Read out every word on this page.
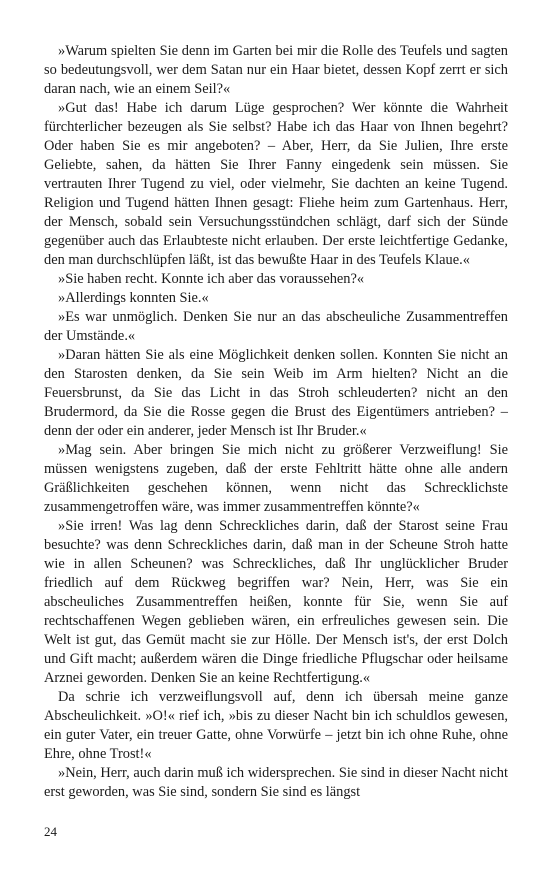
»Warum spielten Sie denn im Garten bei mir die Rolle des Teufels und sagten so bedeutungsvoll, wer dem Satan nur ein Haar bietet, dessen Kopf zerrt er sich daran nach, wie an einem Seil?«

»Gut das! Habe ich darum Lüge gesprochen? Wer könnte die Wahrheit fürchterlicher bezeugen als Sie selbst? Habe ich das Haar von Ihnen begehrt? Oder haben Sie es mir angeboten? – Aber, Herr, da Sie Julien, Ihre erste Geliebte, sahen, da hätten Sie Ihrer Fanny eingedenk sein müssen. Sie vertrauten Ihrer Tugend zu viel, oder vielmehr, Sie dachten an keine Tugend. Religion und Tugend hätten Ihnen gesagt: Fliehe heim zum Gartenhaus. Herr, der Mensch, sobald sein Versuchungsstündchen schlägt, darf sich der Sünde gegenüber auch das Erlaubteste nicht erlauben. Der erste leichtfertige Gedanke, den man durchschlüpfen läßt, ist das bewußte Haar in des Teufels Klaue.«

»Sie haben recht. Konnte ich aber das voraussehen?«

»Allerdings konnten Sie.«

»Es war unmöglich. Denken Sie nur an das abscheuliche Zusammentreffen der Umstände.«

»Daran hätten Sie als eine Möglichkeit denken sollen. Konnten Sie nicht an den Starosten denken, da Sie sein Weib im Arm hielten? Nicht an die Feuersbrunst, da Sie das Licht in das Stroh schleuderten? nicht an den Brudermord, da Sie die Rosse gegen die Brust des Eigentümers antrieben? – denn der oder ein anderer, jeder Mensch ist Ihr Bruder.«

»Mag sein. Aber bringen Sie mich nicht zu größerer Verzweiflung! Sie müssen wenigstens zugeben, daß der erste Fehltritt hätte ohne alle andern Gräßlichkeiten geschehen können, wenn nicht das Schrecklichste zusammengetroffen wäre, was immer zusammentreffen könnte?«

»Sie irren! Was lag denn Schreckliches darin, daß der Starost seine Frau besuchte? was denn Schreckliches darin, daß man in der Scheune Stroh hatte wie in allen Scheunen? was Schreckliches, daß Ihr unglücklicher Bruder friedlich auf dem Rückweg begriffen war? Nein, Herr, was Sie ein abscheuliches Zusammentreffen heißen, konnte für Sie, wenn Sie auf rechtschaffenen Wegen geblieben wären, ein erfreuliches gewesen sein. Die Welt ist gut, das Gemüt macht sie zur Hölle. Der Mensch ist's, der erst Dolch und Gift macht; außerdem wären die Dinge friedliche Pflugschar oder heilsame Arznei geworden. Denken Sie an keine Rechtfertigung.«

Da schrie ich verzweiflungsvoll auf, denn ich übersah meine ganze Abscheulichkeit. »O!« rief ich, »bis zu dieser Nacht bin ich schuldlos gewesen, ein guter Vater, ein treuer Gatte, ohne Vorwürfe – jetzt bin ich ohne Ruhe, ohne Ehre, ohne Trost!«

»Nein, Herr, auch darin muß ich widersprechen. Sie sind in dieser Nacht nicht erst geworden, was Sie sind, sondern Sie sind es längst

24
